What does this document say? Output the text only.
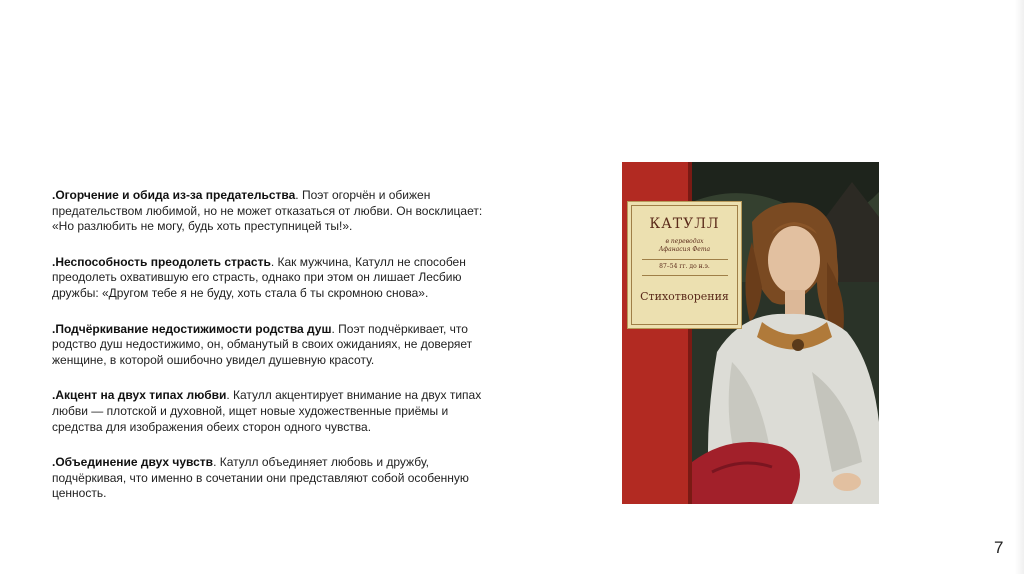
.Огорчение и обида из-за предательства. Поэт огорчён и обижен предательством любимой, но не может отказаться от любви. Он восклицает: «Но разлюбить не могу, будь хоть преступницей ты!».

.Неспособность преодолеть страсть. Как мужчина, Катулл не способен преодолеть охватившую его страсть, однако при этом он лишает Лесбию дружбы: «Другом тебе я не буду, хоть стала б ты скромною снова».

.Подчёркивание недостижимости родства душ. Поэт подчёркивает, что родство душ недостижимо, он, обманутый в своих ожиданиях, не доверяет женщине, в которой ошибочно увидел душевную красоту.

.Акцент на двух типах любви. Катулл акцентирует внимание на двух типах любви — плотской и духовной, ищет новые художественные приёмы и средства для изображения обеих сторон одного чувства.

.Объединение двух чувств. Катулл объединяет любовь и дружбу, подчёркивая, что именно в сочетании они представляют собой особенную ценность.

КАТУЛЛ
в переводах
Афанасия Фета
87–54 гг. до н.э.
Стихотворения
7
